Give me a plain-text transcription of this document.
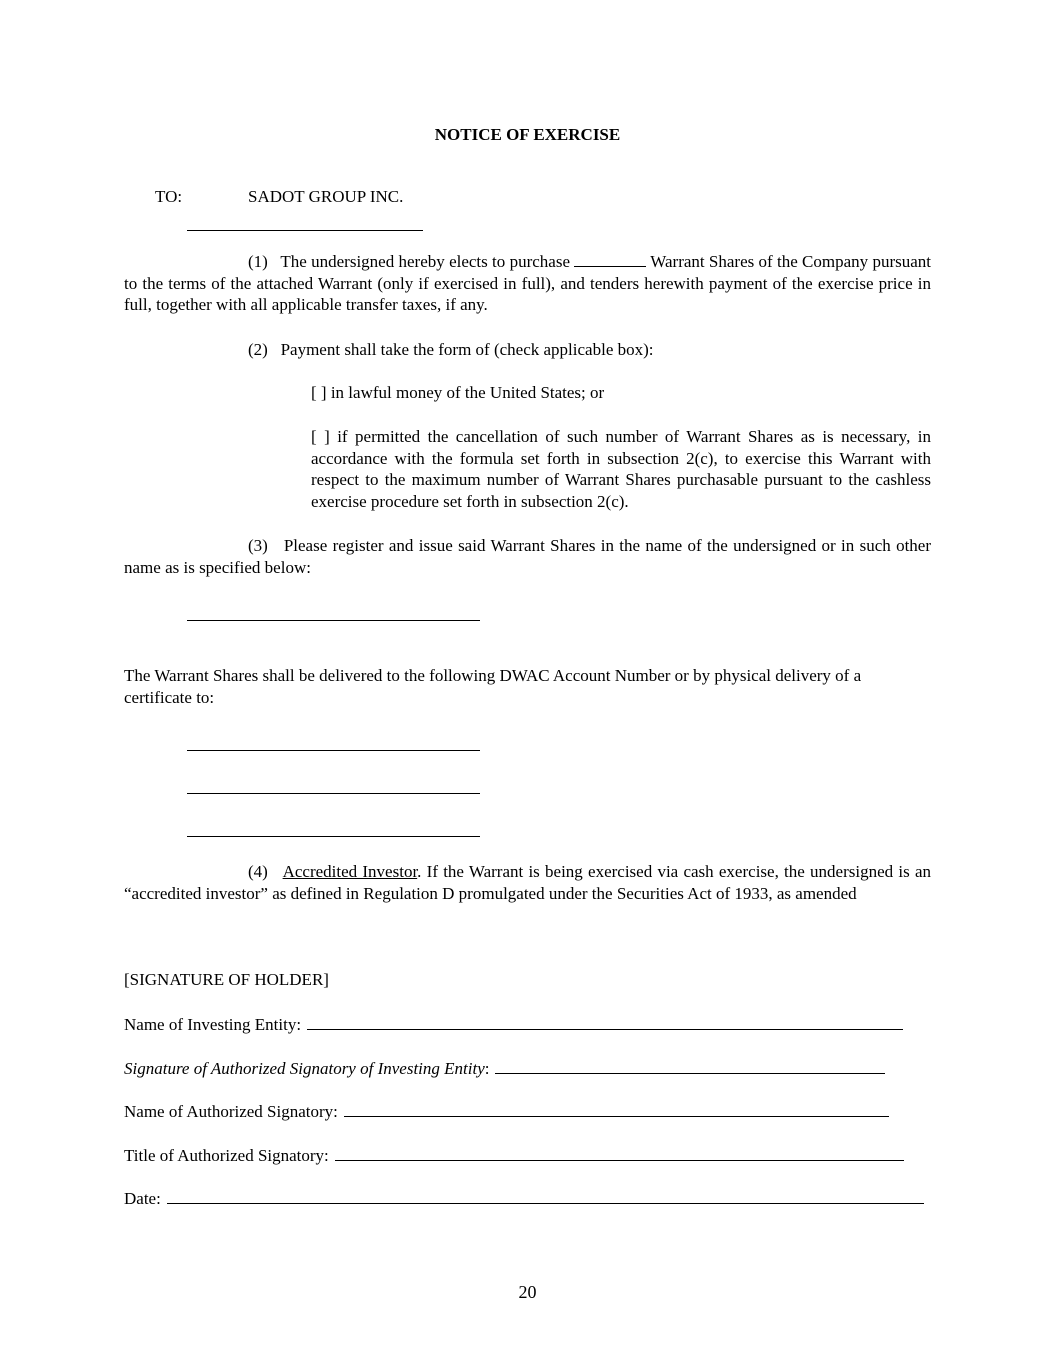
NOTICE OF EXERCISE
TO:	SADOT GROUP INC.
(1) The undersigned hereby elects to purchase	Warrant Shares of the Company pursuant to the terms of the attached Warrant (only if exercised in full), and tenders herewith payment of the exercise price in full, together with all applicable transfer taxes, if any.
(2) Payment shall take the form of (check applicable box):
[ ] in lawful money of the United States; or
[ ] if permitted the cancellation of such number of Warrant Shares as is necessary, in accordance with the formula set forth in subsection 2(c), to exercise this Warrant with respect to the maximum number of Warrant Shares purchasable pursuant to the cashless exercise procedure set forth in subsection 2(c).
(3) Please register and issue said Warrant Shares in the name of the undersigned or in such other name as is specified below:
The Warrant Shares shall be delivered to the following DWAC Account Number or by physical delivery of a certificate to:
(4) Accredited Investor. If the Warrant is being exercised via cash exercise, the undersigned is an “accredited investor” as defined in Regulation D promulgated under the Securities Act of 1933, as amended
[SIGNATURE OF HOLDER]
Name of Investing Entity:
Signature of Authorized Signatory of Investing Entity :
Name of Authorized Signatory:
Title of Authorized Signatory:
Date:
20
